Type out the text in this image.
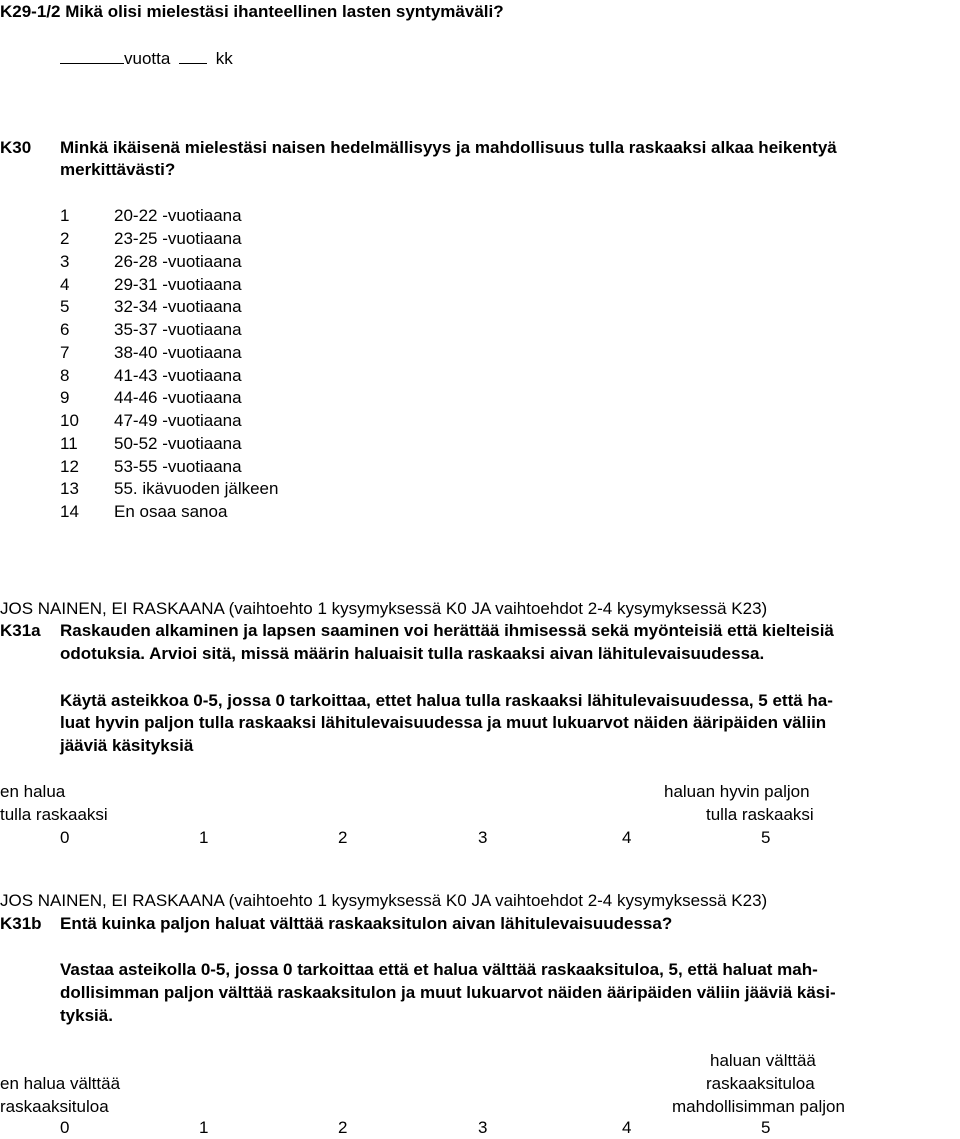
K29-1/2 Mikä olisi mielestäsi ihanteellinen lasten syntymäväli?
vuotta	kk
K30 Minkä ikäisenä mielestäsi naisen hedelmällisyys ja mahdollisuus tulla raskaaksi alkaa heikentyä
merkittävästi?
1	20-22 -vuotiaana
2	23-25 -vuotiaana
3	26-28 -vuotiaana
4	29-31 -vuotiaana
5	32-34 -vuotiaana
6	35-37 -vuotiaana
7	38-40 -vuotiaana
8	41-43 -vuotiaana
9	44-46 -vuotiaana
10 47-49 -vuotiaana
11 50-52 -vuotiaana
12 53-55 -vuotiaana
13 55. ikävuoden jälkeen
14 En osaa sanoa
JOS NAINEN, EI RASKAANA (vaihtoehto 1 kysymyksessä K0 JA vaihtoehdot 2-4 kysymyksessä K23)
K31a Raskauden alkaminen ja lapsen saaminen voi herättää ihmisessä sekä myönteisiä että kielteisiä
odotuksia. Arvioi sitä, missä määrin haluaisit tulla raskaaksi aivan lähitulevaisuudessa.
Käytä asteikkoa 0-5, jossa 0 tarkoittaa, ettet halua tulla raskaaksi lähitulevaisuudessa, 5 että ha-
luat hyvin paljon tulla raskaaksi lähitulevaisuudessa ja muut lukuarvot näiden ääripäiden väliin
jääviä käsityksiä
en halua
tulla raskaaksi
haluan hyvin paljon
tulla raskaaksi
0	1	2	3	4	5
JOS NAINEN, EI RASKAANA (vaihtoehto 1 kysymyksessä K0 JA vaihtoehdot 2-4 kysymyksessä K23)
K31b Entä kuinka paljon haluat välttää raskaaksitulon aivan lähitulevaisuudessa?
Vastaa asteikolla 0-5, jossa 0 tarkoittaa että et halua välttää raskaaksituloa, 5, että haluat mah-
dollisimman paljon välttää raskaaksitulon ja muut lukuarvot näiden ääripäiden väliin jääviä käsi-
tyksiä.
en halua välttää
raskaaksituloa
haluan välttää
raskaaksituloa
mahdollisimman paljon
0	1	2	3	4	5
